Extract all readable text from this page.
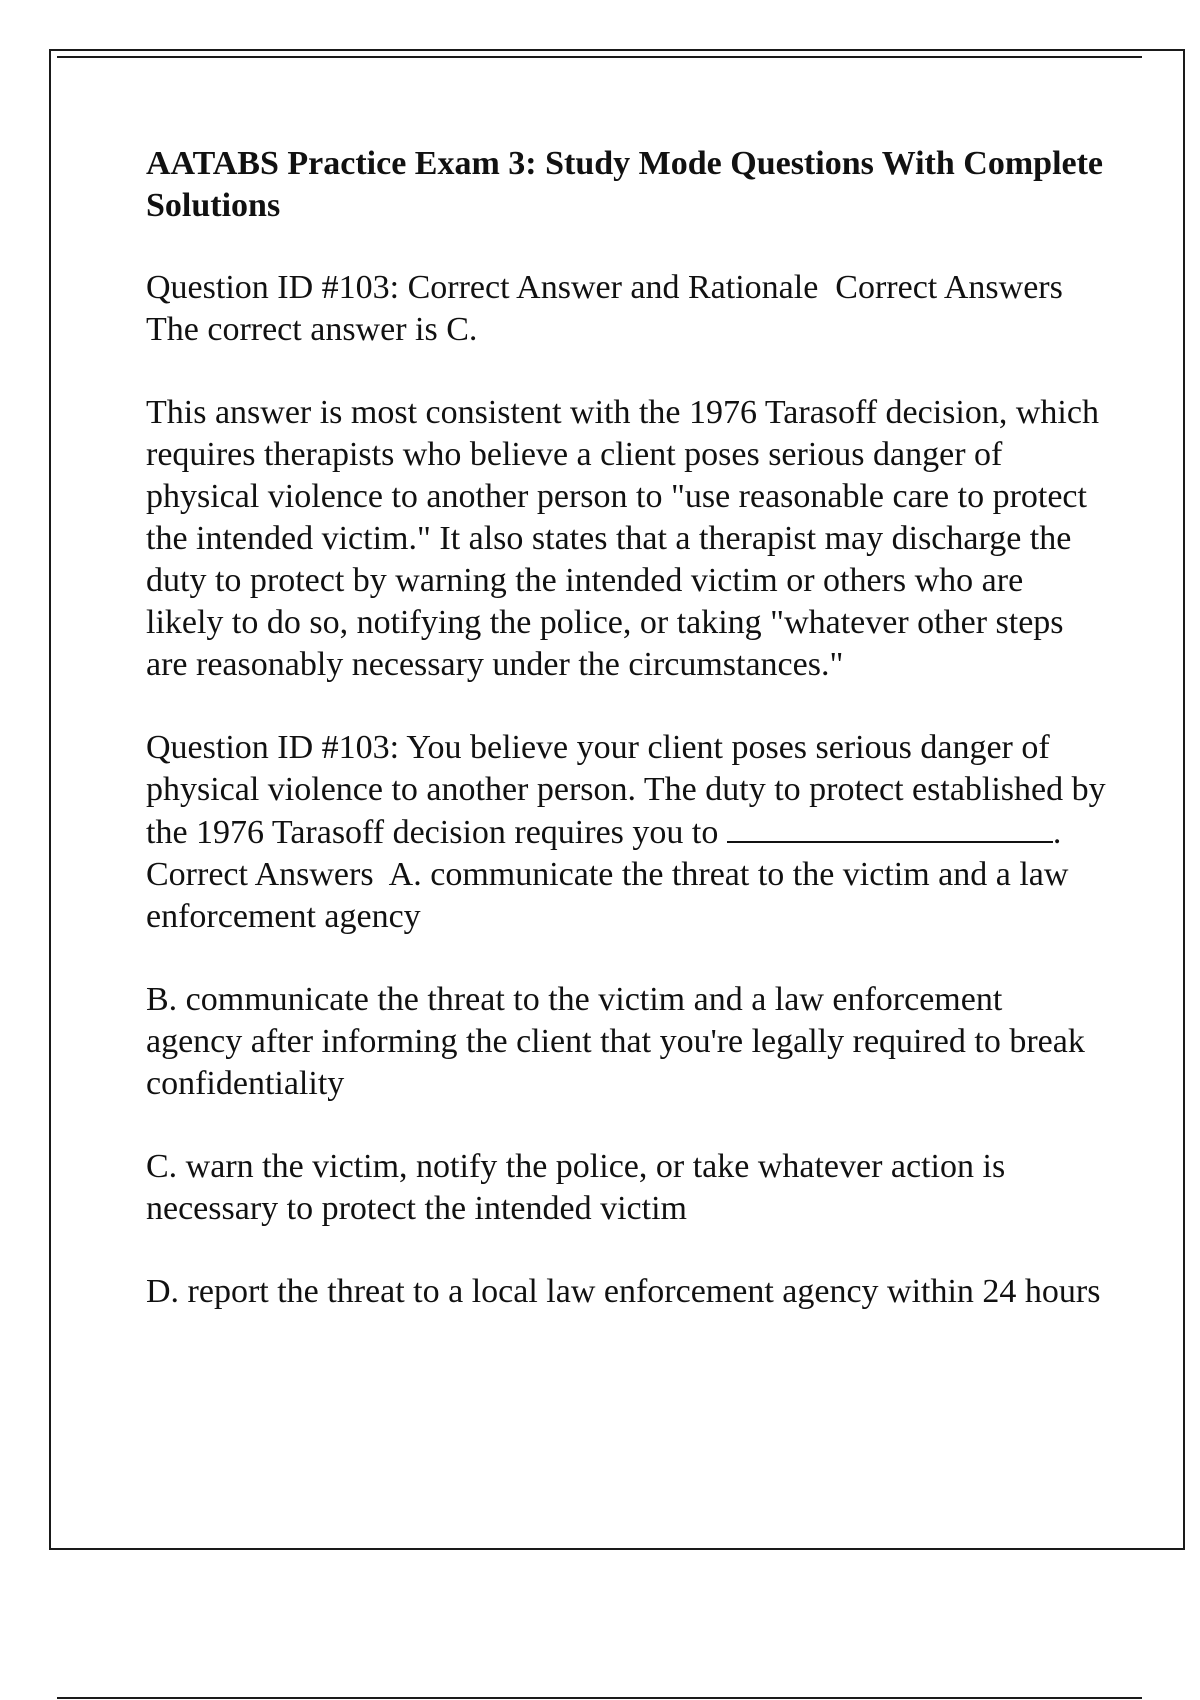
AATABS Practice Exam 3: Study Mode Questions With Complete Solutions
Question ID #103: Correct Answer and Rationale  Correct Answers  The correct answer is C.
This answer is most consistent with the 1976 Tarasoff decision, which requires therapists who believe a client poses serious danger of physical violence to another person to "use reasonable care to protect the intended victim." It also states that a therapist may discharge the duty to protect by warning the intended victim or others who are likely to do so, notifying the police, or taking "whatever other steps are reasonably necessary under the circumstances."
Question ID #103: You believe your client poses serious danger of physical violence to another person. The duty to protect established by the 1976 Tarasoff decision requires you to	.  Correct Answers  A. communicate the threat to the victim and a law enforcement agency
B. communicate the threat to the victim and a law enforcement agency after informing the client that you're legally required to break confidentiality
C. warn the victim, notify the police, or take whatever action is necessary to protect the intended victim
D. report the threat to a local law enforcement agency within 24 hours
